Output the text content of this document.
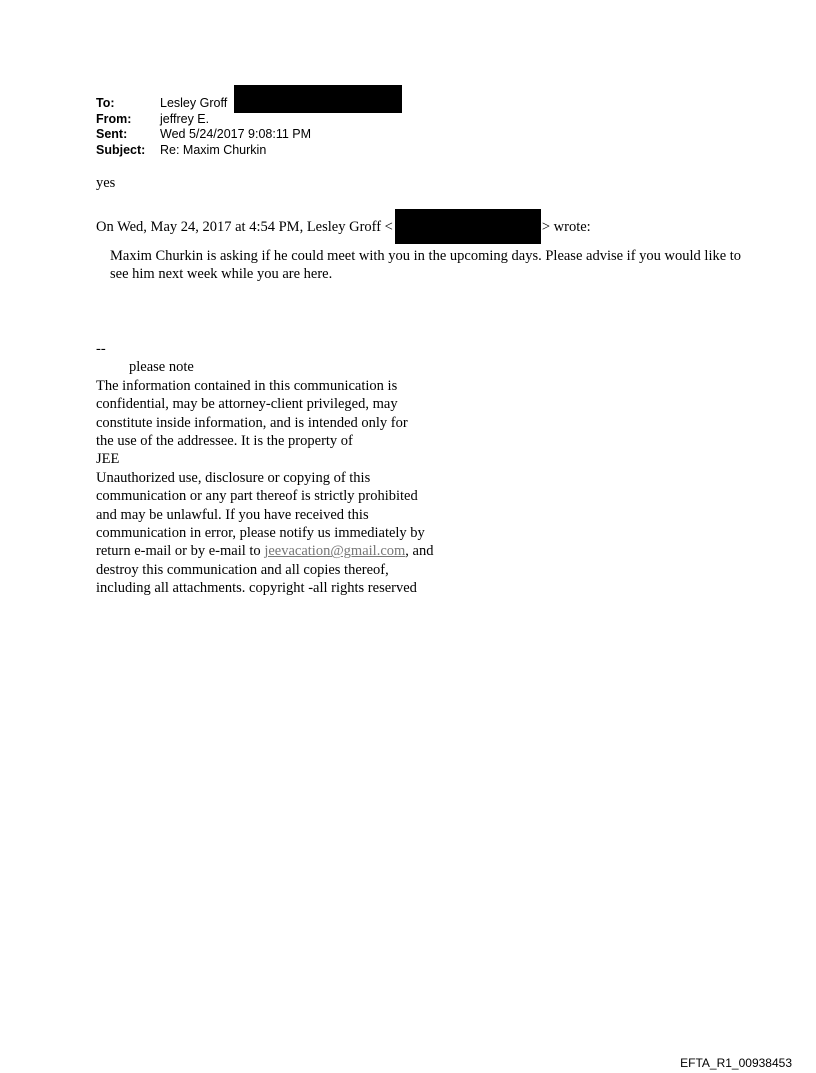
To:	Lesley Groff
From:	jeffrey E.
Sent:	Wed 5/24/2017 9:08:11 PM
Subject:	Re: Maxim Churkin
yes
On Wed, May 24, 2017 at 4:54 PM, Lesley Groff <	> wrote:
Maxim Churkin is asking if he could meet with you in the upcoming days. Please advise if you would like to see him next week while you are here.
--
please note
The information contained in this communication is
confidential, may be attorney-client privileged, may
constitute inside information, and is intended only for
the use of the addressee. It is the property of
JEE
Unauthorized use, disclosure or copying of this
communication or any part thereof is strictly prohibited
and may be unlawful. If you have received this
communication in error, please notify us immediately by
return e-mail or by e-mail to jeevacation@gmail.com, and
destroy this communication and all copies thereof,
including all attachments. copyright -all rights reserved
EFTA_R1_00938453
